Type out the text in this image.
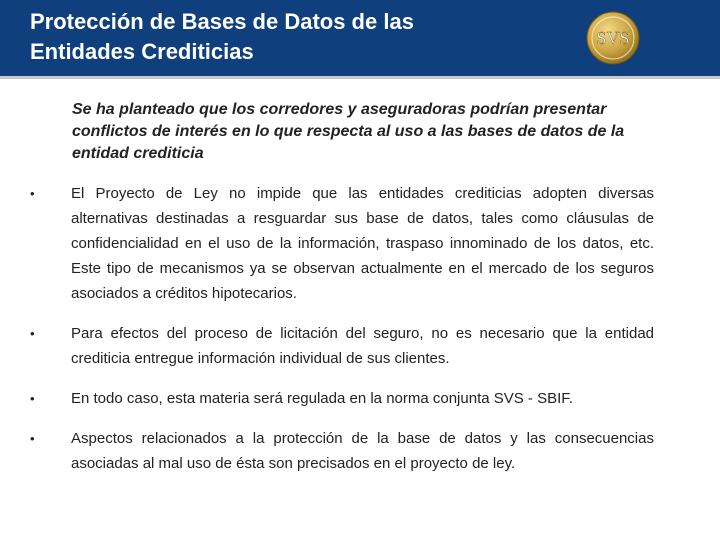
Protección de Bases de Datos de las
Entidades Crediticias
SVS
Se ha planteado que los corredores y aseguradoras podrían presentar conflictos de interés en lo que respecta al uso a las bases de datos de la entidad crediticia
• El Proyecto de Ley no impide que las entidades crediticias adopten diversas alternativas destinadas a resguardar sus base de datos, tales como cláusulas de confidencialidad en el uso de la información, traspaso innominado de los datos, etc. Este tipo de mecanismos ya se observan actualmente en el mercado de los seguros asociados a créditos hipotecarios.
• Para efectos del proceso de licitación del seguro, no es necesario que la entidad crediticia entregue información individual de sus clientes.
• En todo caso, esta materia será regulada en la norma conjunta SVS - SBIF.
• Aspectos relacionados a la protección de la base de datos y las consecuencias asociadas al mal uso de ésta son precisados en el proyecto de ley.
